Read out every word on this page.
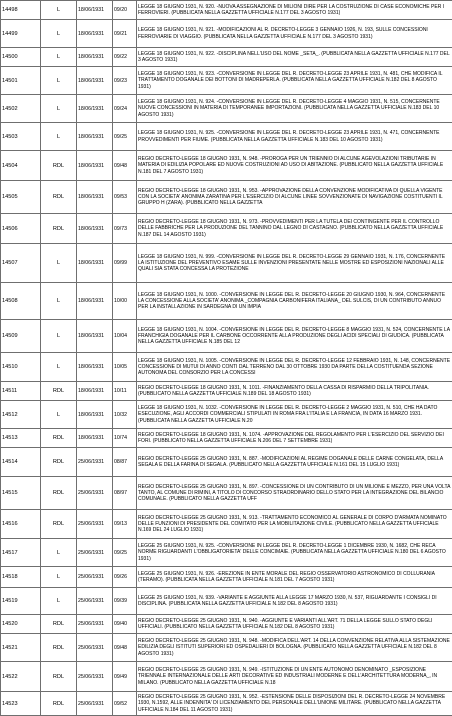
14498	L	18/06/1931	09/20	LEGGE 18 GIUGNO 1931, N. 920. -NUOVA ASSEGNAZIONE DI MILIONI DIRE PER LA COSTRUZIONE DI CASE ECONOMICHE PER I FERROVIERI. (PUBBLICATA NELLA GAZZETTA UFFICIALE N.177 DEL 3 AGOSTO 1931)
14499	L	18/06/1931	09/21	LEGGE 18 GIUGNO 1931, N. 921. -MODIFICAZIONI AL R. DECRETO-LEGGE 3 GENNAIO 1926, N. 193, SULLE CONCESSIONI FERROVIARIE DI VIAGGIO. (PUBBLICATA NELLA GAZZETTA UFFICIALE N.177 DEL 3 AGOSTO 1931)
14500	L	18/06/1931	09/22	LEGGE 18 GIUGNO 1931, N. 922. -DISCIPLINA NELL'USO DEL NOME _SETA_. (PUBBLICATA NELLA GAZZETTA UFFICIALE N.177 DEL 3 AGOSTO 1931)
14501	L	18/06/1931	09/23	LEGGE 18 GIUGNO 1931, N. 923. -CONVERSIONE IN LEGGE DEL R. DECRETO-LEGGE 23 APRILE 1931, N. 481, CHE MODIFICA IL TRATTAMENTO DOGANALE DEI BOTTONI DI MADREPERLA. (PUBBLICATA NELLA GAZZETTA UFFICIALE N.182 DEL 8 AGOSTO 1931)
14502	L	18/06/1931	09/24	LEGGE 18 GIUGNO 1931, N. 924. -CONVERSIONE IN LEGGE DEL R. DECRETO-LEGGE 4 MAGGIO 1931, N. 515, CONCERNENTE NUOVE CONCESSIONI IN MATERIA DI TEMPORANEE IMPORTAZIONI. (PUBBLICATA NELLA GAZZETTA UFFICIALE N.183 DEL 10 AGOSTO 1931)
14503	L	18/06/1931	09/25	LEGGE 18 GIUGNO 1931, N. 925. -CONVERSIONE IN LEGGE DEL R. DECRETO-LEGGE 23 APRILE 1931, N. 471, CONCERNENTE PROVVEDIMENTI PER FIUME. (PUBBLICATA NELLA GAZZETTA UFFICIALE N.183 DEL 10 AGOSTO 1931)
14504	RDL	18/06/1931	09/48	REGIO DECRETO-LEGGE 18 GIUGNO 1931, N. 948. -PROROGA PER UN TRIENNIO DI ALCUNE AGEVOLAZIONI TRIBUTARIE IN MATERIA DI EDILIZIA POPOLARE ED NUOVE COSTRUZIONI AD USO DI ABITAZIONE. (PUBBLICATO NELLA GAZZETTA UFFICIALE N.181 DEL 7 AGOSTO 1931)
14505	RDL	18/06/1931	09/53	REGIO DECRETO-LEGGE 18 GIUGNO 1931, N. 953. -APPROVAZIONE DELLA CONVENZIONE MODIFICATIVA DI QUELLA VIGENTE CON LA SOCIETA' ANONIMA ZARATINA PER L'ESERCIZIO DI ALCUNE LINEE SOVVENZIONATE DI NAVIGAZIONE COSTITUENTI IL GRUPPO H (ZARA). (PUBBLICATO NELLA GAZZETTA
14506	RDL	18/06/1931	09/73	REGIO DECRETO-LEGGE 18 GIUGNO 1931, N. 973. -PROVVEDIMENTI PER LA TUTELA DEI CONTINGENTE PER IL CONTROLLO DELLE FABBRICHE PER LA PRODUZIONE DEL TANNINO DAL LEGNO DI CASTAGNO. (PUBBLICATO NELLA GAZZETTA UFFICIALE N.187 DEL 14 AGOSTO 1931)
14507	L	18/06/1931	09/99	LEGGE 18 GIUGNO 1931, N. 999. -CONVERSIONE IN LEGGE DEL R. DECRETO-LEGGE 29 GENNAIO 1931, N. 176, CONCERNENTE LA ISTITUZIONE DEL PREVENTIVO ESAME SULLE INVENZIONI PRESENTATE NELLE MOSTRE ED ESPOSIZIONI NAZIONALI ALLE QUALI SIA STATA CONCESSA LA PROTEZIONE
14508	L	18/06/1931	10/00	LEGGE 18 GIUGNO 1931, N. 1000. -CONVERSIONE IN LEGGE DEL R. DECRETO-LEGGE 20 GIUGNO 1930, N. 964, CONCERNENTE LA CONCESSIONE ALLA SOCIETA' ANONIMA _COMPAGNIA CARBONIFERA ITALIANA_ DEL SULCIS, DI UN CONTRIBUTO ANNUO PER LA INSTALLAZIONE IN SARDEGNA DI UN IMPIA
14509	L	18/06/1931	10/04	LEGGE 18 GIUGNO 1931, N. 1004. -CONVERSIONE IN LEGGE DEL R. DECRETO-LEGGE 8 MAGGIO 1931, N. 524, CONCERNENTE LA FRANCHIGIA DOGANALE PER IL CARBONE OCCORRENTE ALLA PRODUZIONE DEGLI ACIDI SPECIALI DI GIUDICA. (PUBBLICATA NELLA GAZZETTA UFFICIALE N.185 DEL 12
14510	L	18/06/1931	10/05	LEGGE 18 GIUGNO 1931, N. 1005. -CONVERSIONE IN LEGGE DEL R. DECRETO-LEGGE 12 FEBBRAIO 1931, N. 148, CONCERNENTE CONCESSIONE DI MUTUI DI ANNO CONTI DAL TERRENO DAL 30 OTTOBRE 1930 DA PARTE DELLA COSTITUENDA SEZIONE AUTONOMA DEL CONSORZIO PER LA CONCESSI
14511	RDL	18/06/1931	10/11	REGIO DECRETO-LEGGE 18 GIUGNO 1931, N. 1011. -FINANZIAMENTO DELLA CASSA DI RISPARMIO DELLA TRIPOLITANIA. (PUBBLICATO NELLA GAZZETTA UFFICIALE N.189 DEL 18 AGOSTO 1931)
14512	L	18/06/1931	10/32	LEGGE 18 GIUGNO 1931, N. 1032. -CONVERSIONE IN LEGGE DEL R. DECRETO-LEGGE 2 MAGGIO 1931, N. 510, CHE HA DATO ESECUZIONE, AGLI ACCORDI COMMERCIALI STIPULATI IN ROMA FRA L'ITALIA E LA FRANCIA, IN DATA 16 MARZO 1931. (PUBBLICATA NELLA GAZZETTA UFFICIALE N.20
14513	RDL	18/06/1931	10/74	REGIO DECRETO-LEGGE 18 GIUGNO 1931, N. 1074. -APPROVAZIONE DEL REGOLAMENTO PER L'ESERCIZIO DEL SERVIZIO DEI FORI. (PUBBLICATO NELLA GAZZETTA UFFICIALE N.206 DEL 7 SETTEMBRE 1931)
14514	RDL	25/06/1931	08/87	REGIO DECRETO-LEGGE 25 GIUGNO 1931, N. 887. -MODIFICAZIONI AL REGIME DOGANALE DELLE CARNE CONGELATA, DELLA SEGALA E DELLA FARINA DI SEGALA. (PUBBLICATO NELLA GAZZETTA UFFICIALE N.161 DEL 15 LUGLIO 1931)
14515	RDL	25/06/1931	08/97	REGIO DECRETO-LEGGE 25 GIUGNO 1931, N. 897. -CONCESSIONE DI UN CONTRIBUTO DI UN MILIONE E MEZZO, PER UNA VOLTA TANTO, AL COMUNE DI RIMINI, A TITOLO DI CONCORSO STRAORDINARIO DELLO STATO PER LA INTEGRAZIONE DEL BILANCIO COMUNALE. (PUBBLICATO NELLA GAZZETTA UFF
14516	RDL	25/06/1931	09/13	REGIO DECRETO-LEGGE 25 GIUGNO 1931, N. 913. -TRATTAMENTO ECONOMICO AL GENERALE DI CORPO D'ARMATA NOMINATO DELLE FUNZIONI DI PRESIDENTE DEL COMITATO PER LA MOBILITAZIONE CIVILE. (PUBBLICATO NELLA GAZZETTA UFFICIALE N.169 DEL 24 LUGLIO 1931)
14517	L	25/06/1931	09/25	LEGGE 25 GIUGNO 1931, N. 925. -CONVERSIONE IN LEGGE DEL R. DECRETO-LEGGE 1 DICEMBRE 1930, N. 1682, CHE RECA NORME RIGUARDANTI L'OBBLIGATORIETA' DELLE CONCIMAIE. (PUBBLICATA NELLA GAZZETTA UFFICIALE N.180 DEL 6 AGOSTO 1931)
14518	L	25/06/1931	09/26	LEGGE 25 GIUGNO 1931, N. 926. -EREZIONE IN ENTE MORALE DEL REGIO OSSERVATORIO ASTRONOMICO DI COLLURANIA (TERAMO). (PUBBLICATA NELLA GAZZETTA UFFICIALE N.181 DEL 7 AGOSTO 1931)
14519	L	25/06/1931	09/39	LEGGE 25 GIUGNO 1931, N. 939. -VARIANTE E AGGIUNTE ALLA LEGGE 17 MARZO 1930, N. 537, RIGUARDANTE I CONSIGLI DI DISCIPLINA. (PUBBLICATA NELLA GAZZETTA UFFICIALE N.182 DEL 8 AGOSTO 1931)
14520	RDL	25/06/1931	09/40	REGIO DECRETO-LEGGE 25 GIUGNO 1931, N. 940. -AGGIUNTE E VARIANTI ALL'ART. 71 DELLA LEGGE SULLO STATO DEGLI UFFICIALI. (PUBBLICATO NELLA GAZZETTA UFFICIALE N.182 DEL 8 AGOSTO 1931)
14521	RDL	25/06/1931	09/48	REGIO DECRETO-LEGGE 25 GIUGNO 1931, N. 948. -MODIFICA DELL'ART. 14 DELLA CONVENZIONE RELATIVA ALLA SISTEMAZIONE EDILIZIA DEGLI ISTITUTI SUPERIORI ED OSPEDALIERI DI BOLOGNA. (PUBBLICATO NELLA GAZZETTA UFFICIALE N.182 DEL 8 AGOSTO 1931)
14522	RDL	25/06/1931	09/49	REGIO DECRETO-LEGGE 25 GIUGNO 1931, N. 949. -ISTITUZIONE DI UN ENTE AUTONOMO DENOMINATO _ESPOSIZIONE TRIENNALE INTERNAZIONALE DELLE ARTI DECORATIVE ED INDUSTRIALI MODERNE E DELL'ARCHITETTURA MODERNA_, IN MILANO. (PUBBLICATO NELLA GAZZETTA UFFICIALE N.18
14523	RDL	25/06/1931	09/52	REGIO DECRETO-LEGGE 25 GIUGNO 1931, N. 952. -ESTENSIONE DELLE DISPOSIZIONI DEL R. DECRETO-LEGGE 24 NOVEMBRE 1930, N.1592, ALLE INDENNITA' DI LICENZIAMENTO DEL PERSONALE DELL'UNIONE MILITARE. (PUBBLICATO NELLA GAZZETTA UFFICIALE N.184 DEL 11 AGOSTO 1931)
